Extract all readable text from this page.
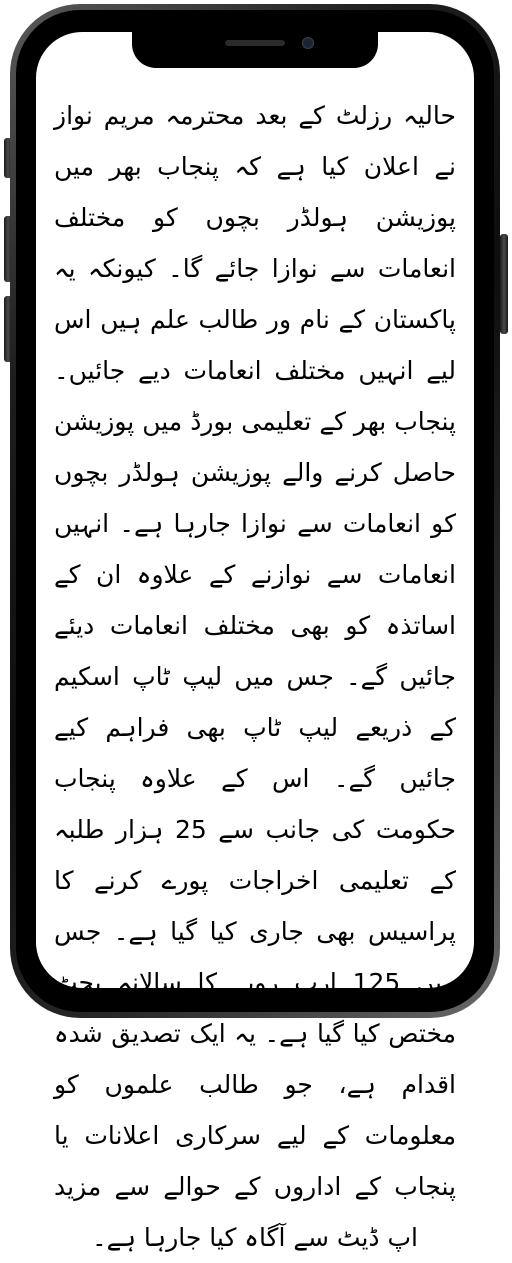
حالیہ رزلٹ کے بعد محترمہ مریم نواز نے اعلان کیا ہے کہ پنجاب بھر میں پوزیشن ہولڈر بچوں کو مختلف انعامات سے نوازا جائے گا۔ کیونکہ یہ پاکستان کے نام ور طالب علم ہیں اس لیے انہیں مختلف انعامات دیے جائیں۔ پنجاب بھر کے تعلیمی بورڈ میں پوزیشن حاصل کرنے والے پوزیشن ہولڈر بچوں کو انعامات سے نوازا جارہا ہے۔ انہیں انعامات سے نوازنے کے علاوہ ان کے اساتذہ کو بھی مختلف انعامات دیئے جائیں گے۔ جس میں لیپ ٹاپ اسکیم کے ذریعے لیپ ٹاپ بھی فراہم کیے جائیں گے۔ اس کے علاوہ پنجاب حکومت کی جانب سے 25 ہزار طلبہ کے تعلیمی اخراجات پورے کرنے کا پراسیس بھی جاری کیا گیا ہے۔ جس میں 125 ارب روپے کا سالانہ بجٹ مختص کیا گیا ہے۔ یہ ایک تصدیق شدہ اقدام ہے، جو طالب علموں کو معلومات کے لیے سرکاری اعلانات یا پنجاب کے اداروں کے حوالے سے مزید اپ ڈیٹ سے آگاہ کیا جارہا ہے۔
